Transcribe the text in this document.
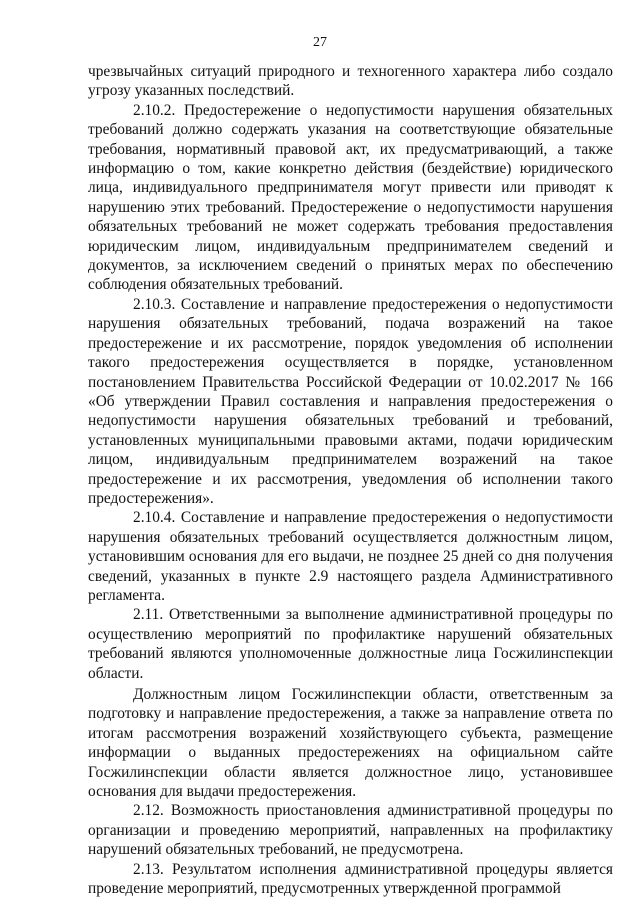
27

чрезвычайных ситуаций природного и техногенного характера либо создало угрозу указанных последствий.

2.10.2. Предостережение о недопустимости нарушения обязательных требований должно содержать указания на соответствующие обязательные требования, нормативный правовой акт, их предусматривающий, а также информацию о том, какие конкретно действия (бездействие) юридического лица, индивидуального предпринимателя могут привести или приводят к нарушению этих требований. Предостережение о недопустимости нарушения обязательных требований не может содержать требования предоставления юридическим лицом, индивидуальным предпринимателем сведений и документов, за исключением сведений о принятых мерах по обеспечению соблюдения обязательных требований.

2.10.3. Составление и направление предостережения о недопустимости нарушения обязательных требований, подача возражений на такое предостережение и их рассмотрение, порядок уведомления об исполнении такого предостережения осуществляется в порядке, установленном постановлением Правительства Российской Федерации от 10.02.2017 № 166 «Об утверждении Правил составления и направления предостережения о недопустимости нарушения обязательных требований и требований, установленных муниципальными правовыми актами, подачи юридическим лицом, индивидуальным предпринимателем возражений на такое предостережение и их рассмотрения, уведомления об исполнении такого предостережения».

2.10.4. Составление и направление предостережения о недопустимости нарушения обязательных требований осуществляется должностным лицом, установившим основания для его выдачи, не позднее 25 дней со дня получения сведений, указанных в пункте 2.9 настоящего раздела Административного регламента.

2.11. Ответственными за выполнение административной процедуры по осуществлению мероприятий по профилактике нарушений обязательных требований являются уполномоченные должностные лица Госжилинспекции области.

Должностным лицом Госжилинспекции области, ответственным за подготовку и направление предостережения, а также за направление ответа по итогам рассмотрения возражений хозяйствующего субъекта, размещение информации о выданных предостережениях на официальном сайте Госжилинспекции области является должностное лицо, установившее основания для выдачи предостережения.

2.12. Возможность приостановления административной процедуры по организации и проведению мероприятий, направленных на профилактику нарушений обязательных требований, не предусмотрена.

2.13. Результатом исполнения административной процедуры является проведение мероприятий, предусмотренных утвержденной программой
